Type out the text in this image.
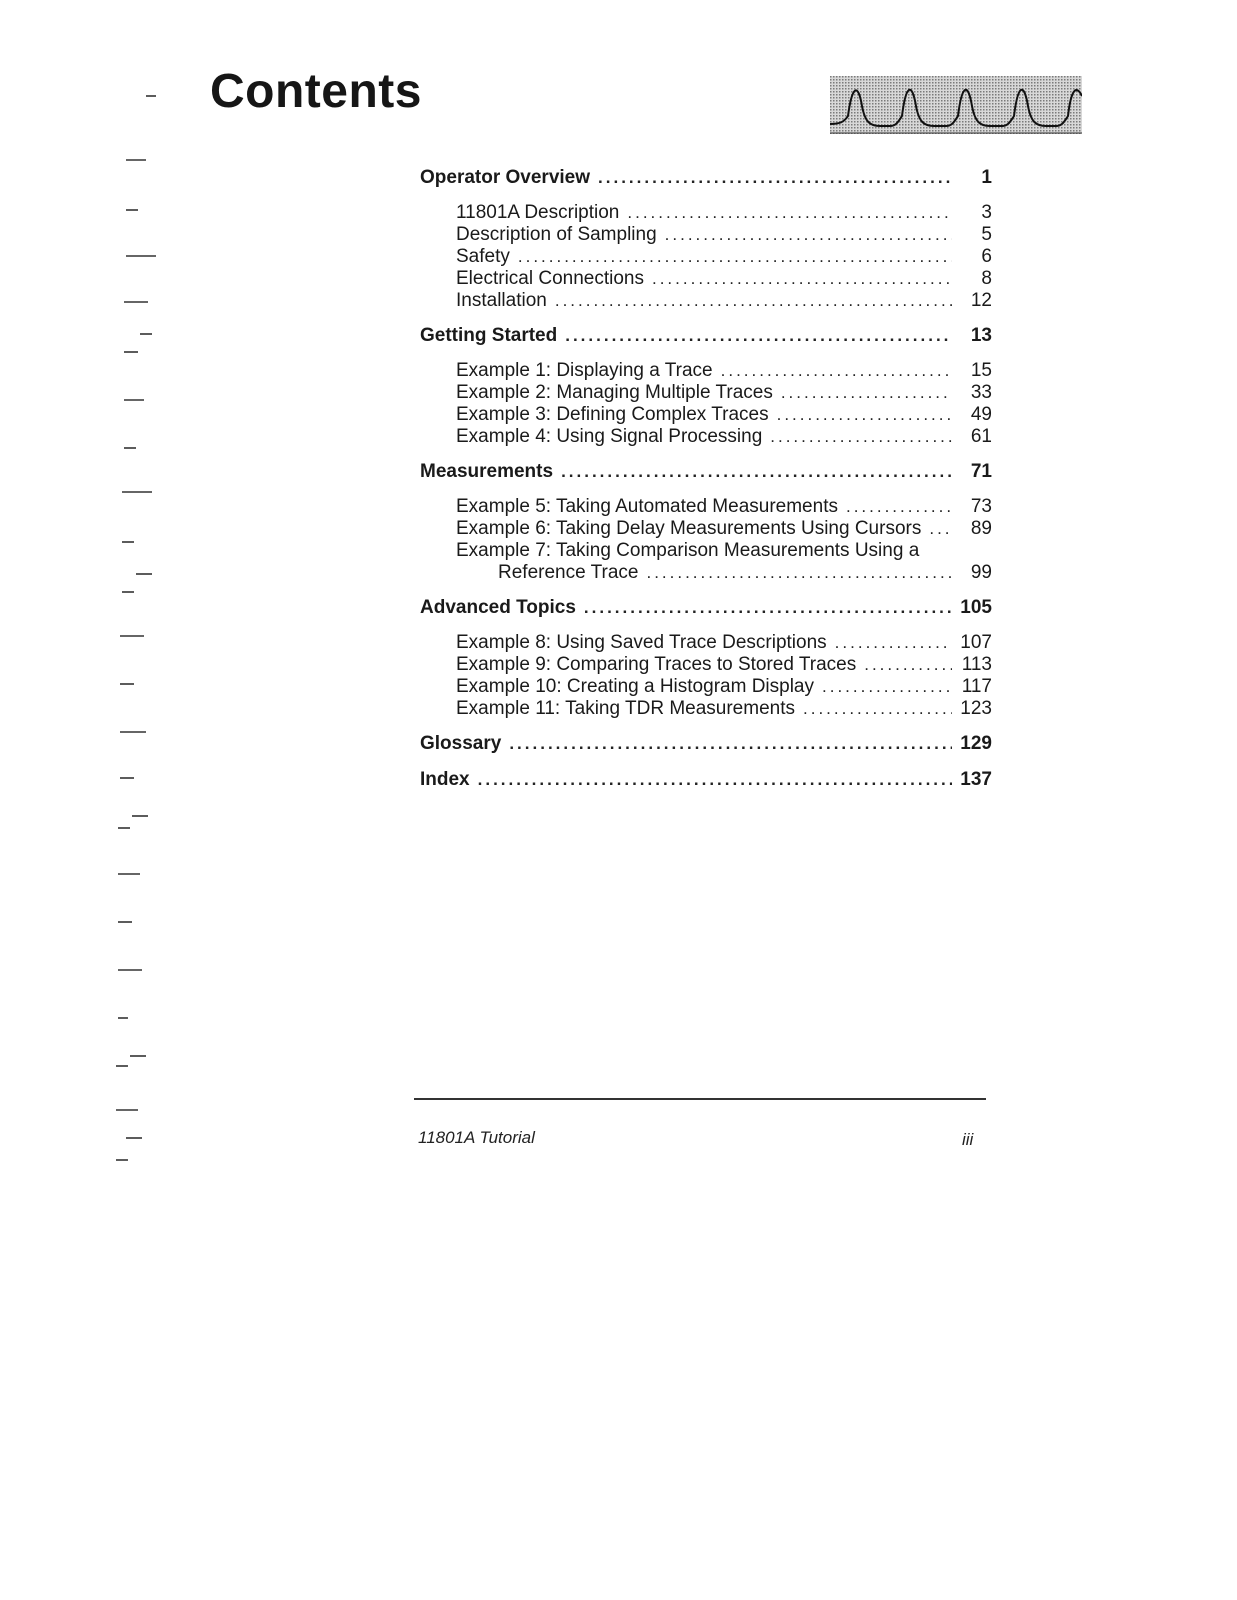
Contents
Operator Overview .....	1
11801A Description .....	3
Description of Sampling .....	5
Safety .....	6
Electrical Connections .....	8
Installation .....	12
Getting Started .....	13
Example 1: Displaying a Trace .....	15
Example 2: Managing Multiple Traces .....	33
Example 3: Defining Complex Traces .....	49
Example 4: Using Signal Processing .....	61
Measurements .....	71
Example 5: Taking Automated Measurements .....	73
Example 6: Taking Delay Measurements Using Cursors .....	89
Example 7: Taking Comparison Measurements Using a
Reference Trace .....	99
Advanced Topics .....	105
Example 8: Using Saved Trace Descriptions .....	107
Example 9: Comparing Traces to Stored Traces .....	113
Example 10: Creating a Histogram Display .....	117
Example 11: Taking TDR Measurements .....	123
Glossary .....	129
Index .....	137
11801A Tutorial	iii
